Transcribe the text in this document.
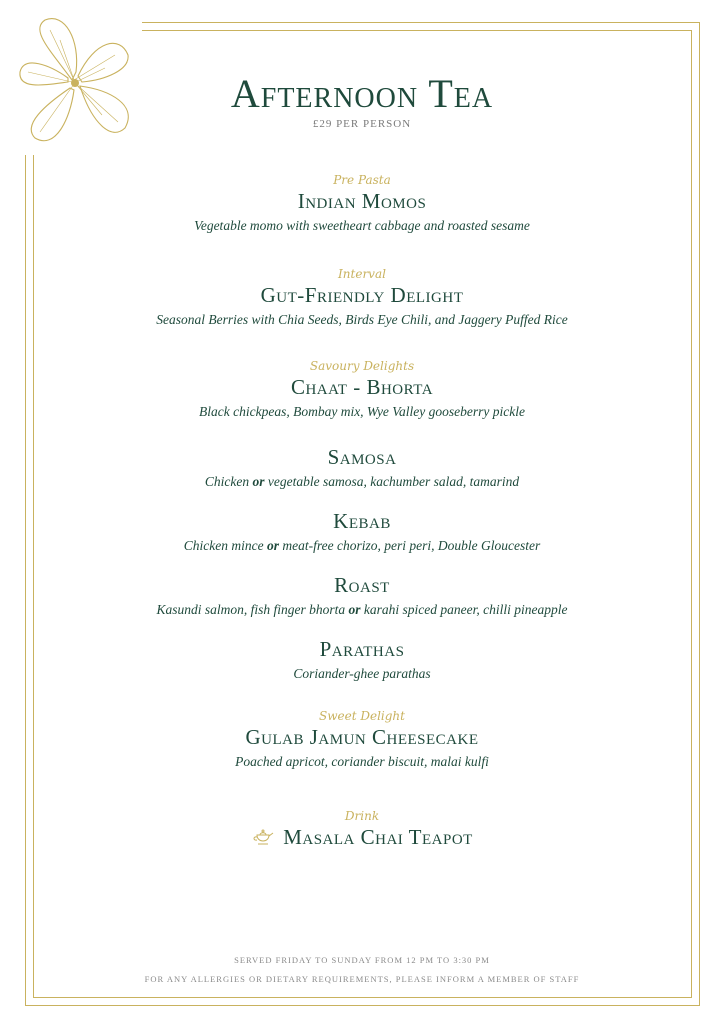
Afternoon Tea
£29 PER PERSON
Pre Pasta
Indian Momos
Vegetable momo with sweetheart cabbage and roasted sesame
Interval
Gut-Friendly Delight
Seasonal Berries with Chia Seeds, Birds Eye Chili, and Jaggery Puffed Rice
Savoury Delights
Chaat - Bhorta
Black chickpeas, Bombay mix, Wye Valley gooseberry pickle
Samosa
Chicken or vegetable samosa, kachumber salad, tamarind
Kebab
Chicken mince or meat-free chorizo, peri peri, Double Gloucester
Roast
Kasundi salmon, fish finger bhorta or karahi spiced paneer, chilli pineapple
Parathas
Coriander-ghee parathas
Sweet Delight
Gulab Jamun Cheesecake
Poached apricot, coriander biscuit, malai kulfi
Drink
Masala Chai Teapot
SERVED FRIDAY TO SUNDAY FROM 12 PM TO 3:30 PM
FOR ANY ALLERGIES OR DIETARY REQUIREMENTS, PLEASE INFORM A MEMBER OF STAFF
